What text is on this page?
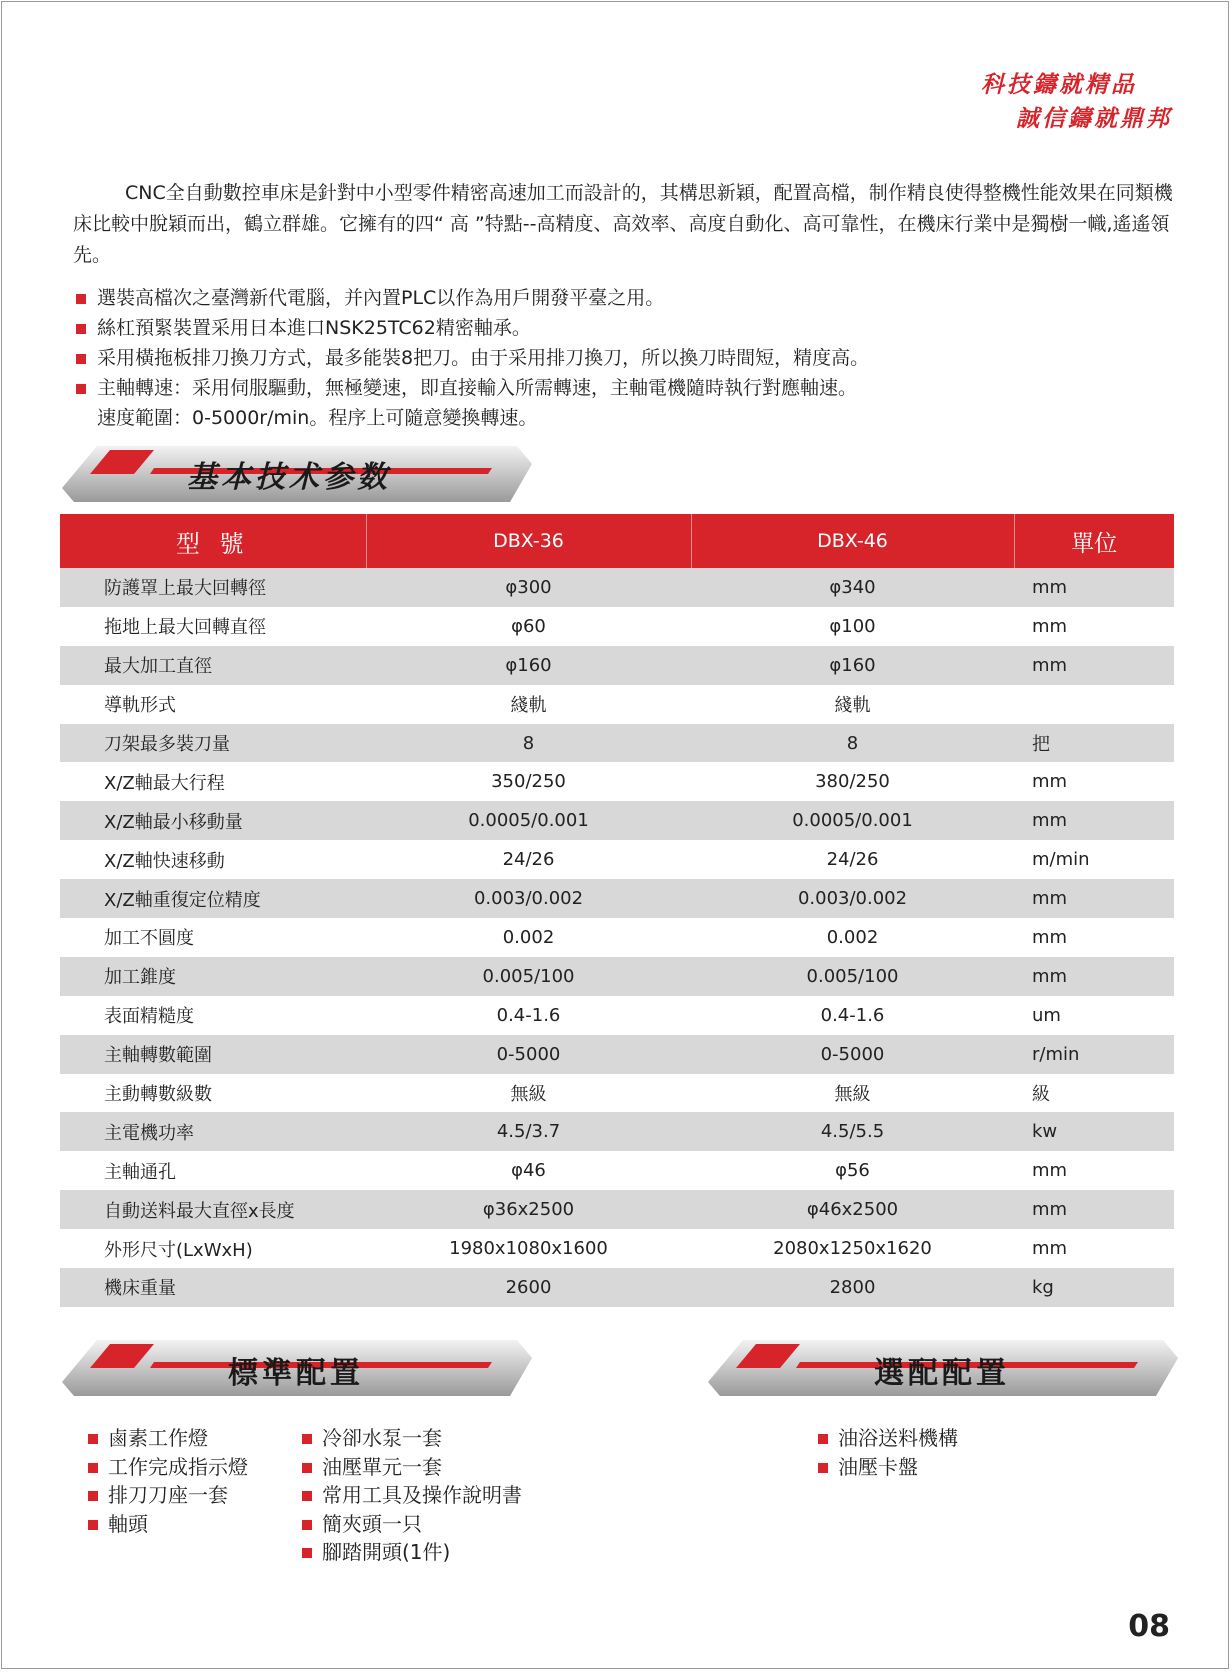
科技鑄就精品
誠信鑄就鼎邦
CNC全自動數控車床是針對中小型零件精密高速加工而設計的，其構思新穎，配置高檔，制作精良使得整機性能效果在同類機床比較中脫穎而出，鶴立群雄。它擁有的四“ 高 ”特點--高精度、高效率、高度自動化、高可靠性，在機床行業中是獨樹一幟,遙遙領先。
選裝高檔次之臺灣新代電腦，并內置PLC以作為用戶開發平臺之用。
絲杠預緊裝置采用日本進口NSK25TC62精密軸承。
采用橫拖板排刀換刀方式，最多能裝8把刀。由于采用排刀換刀，所以換刀時間短，精度高。
主軸轉速：采用伺服驅動，無極變速，即直接輸入所需轉速，主軸電機隨時執行對應軸速。
速度範圍：0-5000r/min。程序上可隨意變換轉速。
基本技术参数
型 號	DBX-36	DBX-46	單位
防護罩上最大回轉徑	φ300	φ340	mm
拖地上最大回轉直徑	φ60	φ100	mm
最大加工直徑	φ160	φ160	mm
導軌形式	綫軌	綫軌	
刀架最多裝刀量	8	8	把
X/Z軸最大行程	350/250	380/250	mm
X/Z軸最小移動量	0.0005/0.001	0.0005/0.001	mm
X/Z軸快速移動	24/26	24/26	m/min
X/Z軸重復定位精度	0.003/0.002	0.003/0.002	mm
加工不圓度	0.002	0.002	mm
加工錐度	0.005/100	0.005/100	mm
表面精糙度	0.4-1.6	0.4-1.6	um
主軸轉數範圍	0-5000	0-5000	r/min
主動轉數級數	無級	無級	級
主電機功率	4.5/3.7	4.5/5.5	kw
主軸通孔	φ46	φ56	mm
自動送料最大直徑x長度	φ36x2500	φ46x2500	mm
外形尺寸(LxWxH)	1980x1080x1600	2080x1250x1620	mm
機床重量	2600	2800	kg
標準配置	選配配置
鹵素工作燈
工作完成指示燈
排刀刀座一套
軸頭
冷卻水泵一套
油壓單元一套
常用工具及操作說明書
簡夾頭一只
腳踏開頭(1件)
油浴送料機構
油壓卡盤
08
